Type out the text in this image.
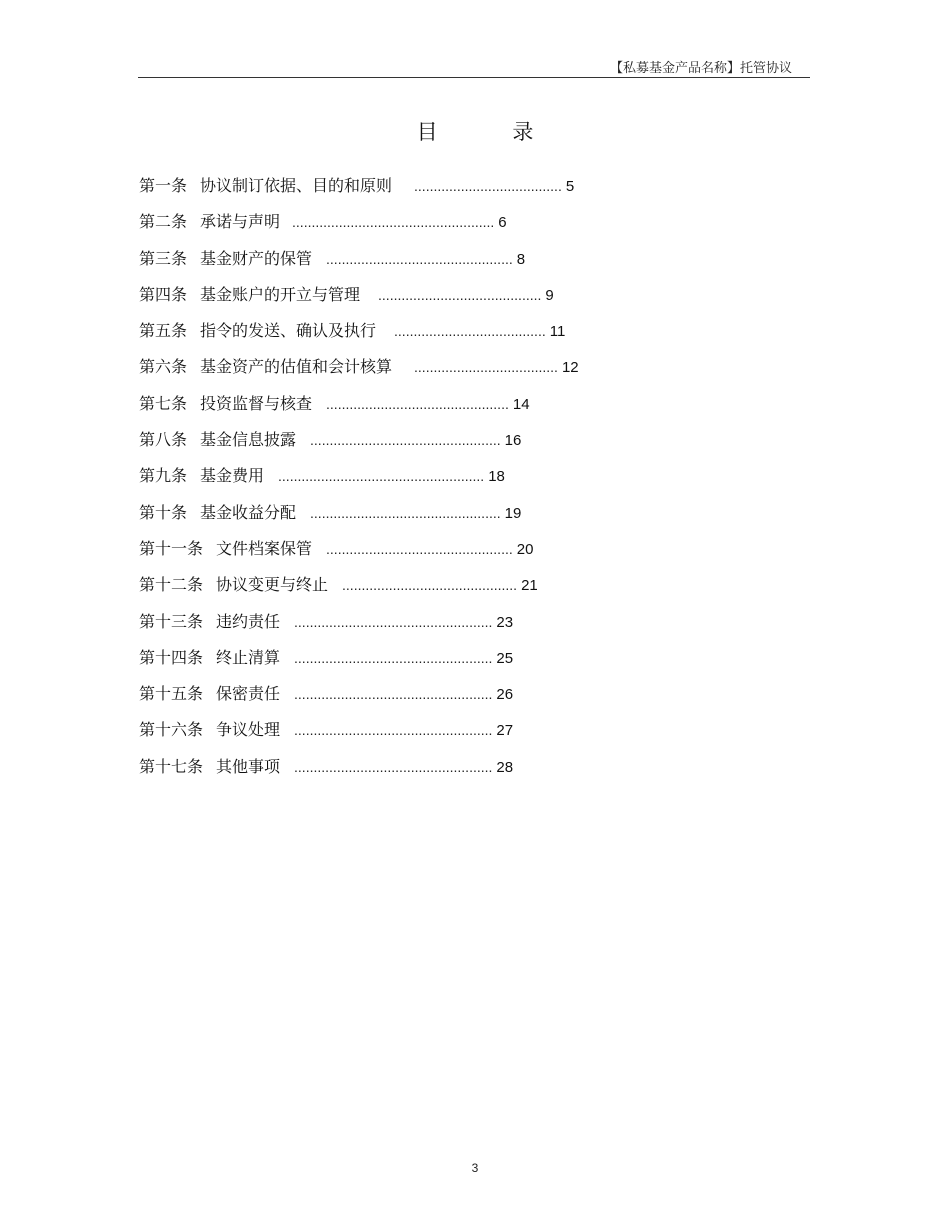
【私募基金产品名称】托管协议
目 录
第一条 协议制订依据、目的和原则 ...................................... 5
第二条 承诺与声明 .................................................... 6
第三条 基金财产的保管 ................................................ 8
第四条 基金账户的开立与管理 .......................................... 9
第五条 指令的发送、确认及执行 ....................................... 11
第六条 基金资产的估值和会计核算 ..................................... 12
第七条 投资监督与核查 ............................................... 14
第八条 基金信息披露 ................................................. 16
第九条 基金费用 ..................................................... 18
第十条 基金收益分配 ................................................. 19
第十一条 文件档案保管 ................................................ 20
第十二条 协议变更与终止 ............................................. 21
第十三条 违约责任 ................................................... 23
第十四条 终止清算 ................................................... 25
第十五条 保密责任 ................................................... 26
第十六条 争议处理 ................................................... 27
第十七条 其他事项 ................................................... 28
3
